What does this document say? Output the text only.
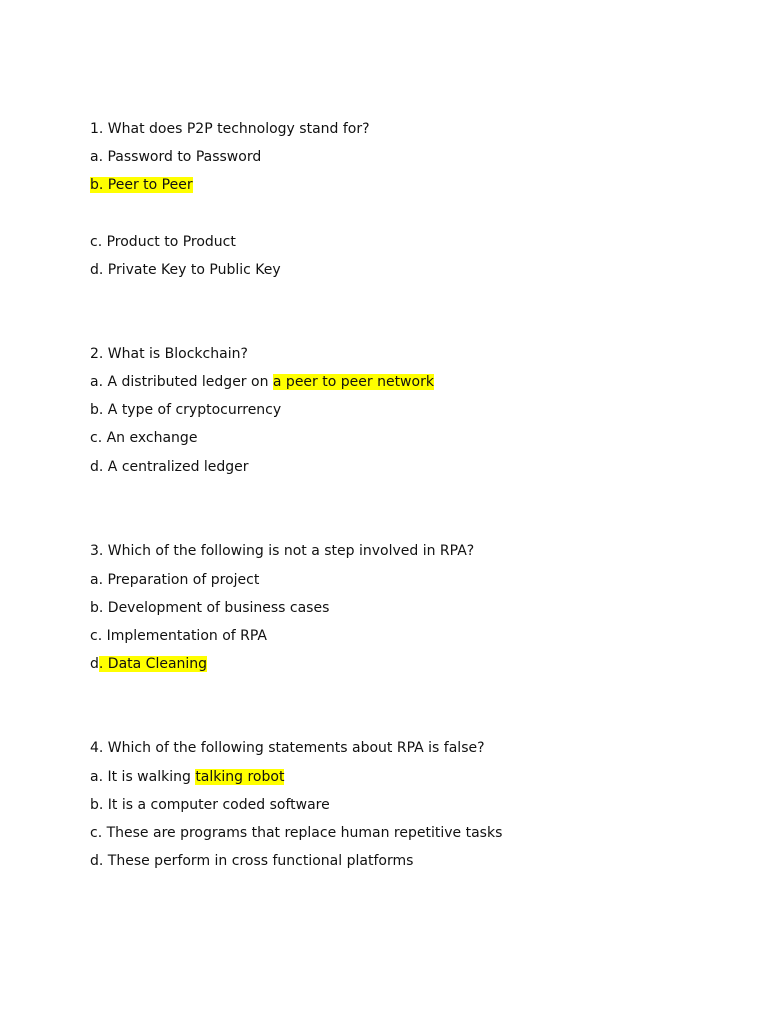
1. What does P2P technology stand for?
a. Password to Password
b. Peer to Peer
c. Product to Product
d. Private Key to Public Key
2. What is Blockchain?
a. A distributed ledger on a peer to peer network
b. A type of cryptocurrency
c. An exchange
d. A centralized ledger
3. Which of the following is not a step involved in RPA?
a. Preparation of project
b. Development of business cases
c. Implementation of RPA
d. Data Cleaning
4. Which of the following statements about RPA is false?
a. It is walking talking robot
b. It is a computer coded software
c. These are programs that replace human repetitive tasks
d. These perform in cross functional platforms
